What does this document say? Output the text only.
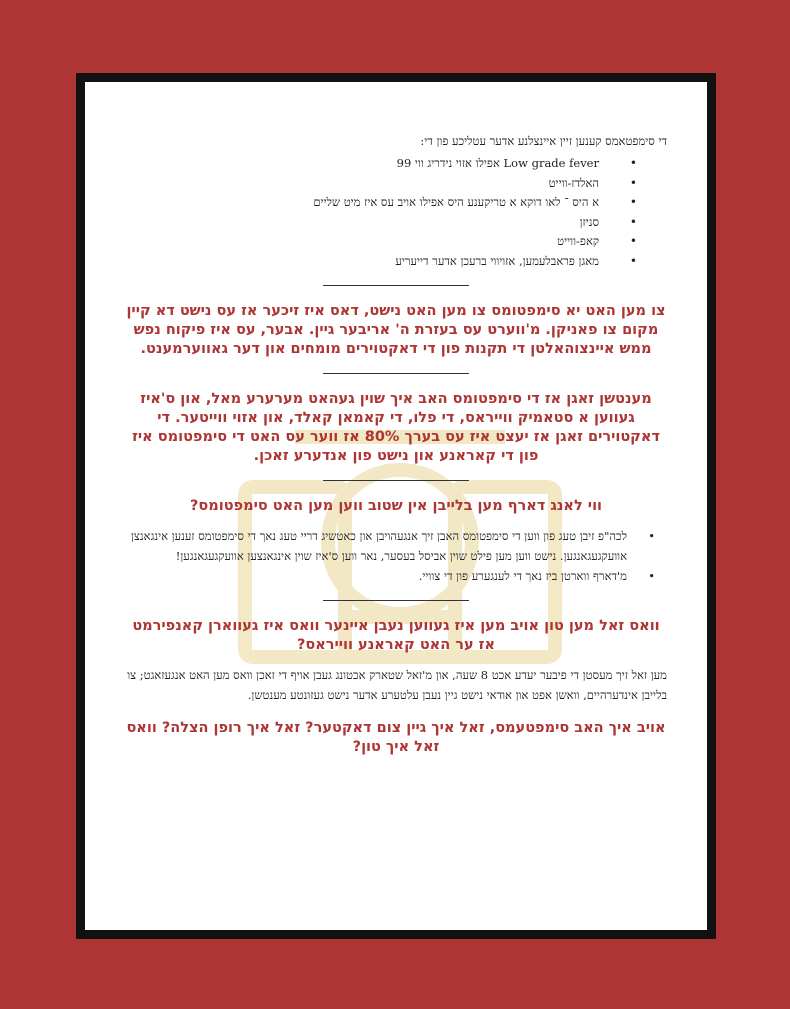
די סימפטאמס קענען זיין איינצלנע אדער עטליכע פון די:

• Low grade fever אפילו אזוי נידריג ווי 99
• האלדז-ווייט
• א היס ־ לאו דוקא א טריקענע היס אפילו אויב עס איז מיט שליים
• סניזן
• קאפ-ווייט
• מאגן פראבלעמען, אזויווי ברעכן אדער דייעריע

צו מען האט יא סימפטומס צו מען האט נישט, דאס איז זיכער אז עס נישט דא קיין מקום צו פאניקן. מ'ווערט עס בעזרת ה' אריבער גיין. אבער, עס איז פיקוח נפש ממש איינצוהאלטן די תקנות פון די דאקטוירים מומחים און דער גאווערמענט.

מענטשן זאגן אז די סימפטומס האב איך שוין געהאט מערערע מאל, און ס'איז געווען א סטאמיק ווייראס, די פלו, די קאמאן קאלד, און אזוי ווייטער. די דאקטוירים זאגן אז יעצט איז עס בערך 80% אז ווער עס האט די סימפטומס איז פון די קאראנע און נישט פון אנדערע זאכן.

ווי לאנג דארף מען בלייבן אין שטוב ווען מען האט סימפטומס?

• לכה"פ זיבן טעג פון ווען די סימפטומס האבן זיך אנגעהויבן און כאטשיג דריי טעג נאך די סימפטומס זענען אינגאנצן אוועקגעגאנגען. נישט ווען מען פילט שוין אביסל בעסער, נאר ווען ס'איז שוין אינגאנצען אוועקגעגאנגען!
• מ'דארף ווארטן ביז נאך די לענגערע פון די צוויי.

וואס זאל מען טון אויב מען איז געווען נעבן איינער וואס איז געווארן קאנפירמט אז ער האט קאראנע ווייראס?

מען זאל זיך מעסטן די פיבער יעדע אכט 8 שעה, און מ'זאל שטארק אכטונג געבן אויף די זאכן וואס מען האט אנגעזאגט; צו בלייבן אינדערהיים, וואשן אפט און אודאי נישט גיין נעבן עלטערע אדער נישט געזונטע מענטשן.

אויב איך האב סימפטעמס, זאל איך גיין צום דאקטער? זאל איך רופן הצלה? וואס זאל איך טון?
